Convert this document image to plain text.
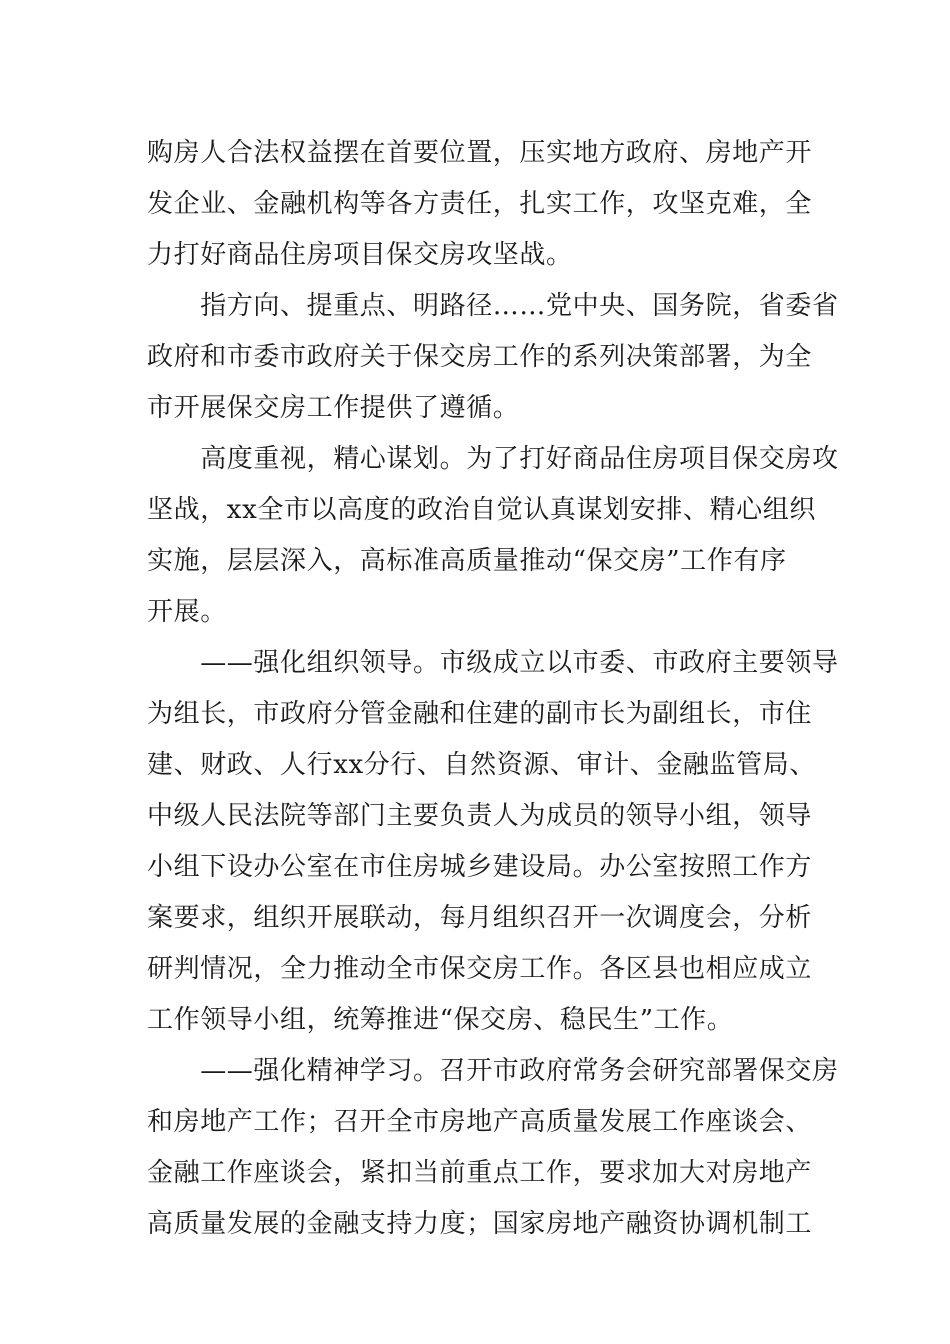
购房人合法权益摆在首要位置，压实地方政府、房地产开
发企业、金融机构等各方责任，扎实工作，攻坚克难，全
力打好商品住房项目保交房攻坚战。
　　指方向、提重点、明路径……党中央、国务院，省委省
政府和市委市政府关于保交房工作的系列决策部署，为全
市开展保交房工作提供了遵循。
　　高度重视，精心谋划。为了打好商品住房项目保交房攻
坚战，xx全市以高度的政治自觉认真谋划安排、精心组织
实施，层层深入，高标准高质量推动“保交房”工作有序
开展。
　　——强化组织领导。市级成立以市委、市政府主要领导
为组长，市政府分管金融和住建的副市长为副组长，市住
建、财政、人行xx分行、自然资源、审计、金融监管局、
中级人民法院等部门主要负责人为成员的领导小组，领导
小组下设办公室在市住房城乡建设局。办公室按照工作方
案要求，组织开展联动，每月组织召开一次调度会，分析
研判情况，全力推动全市保交房工作。各区县也相应成立
工作领导小组，统筹推进“保交房、稳民生”工作。
　　——强化精神学习。召开市政府常务会研究部署保交房
和房地产工作；召开全市房地产高质量发展工作座谈会、
金融工作座谈会，紧扣当前重点工作，要求加大对房地产
高质量发展的金融支持力度；国家房地产融资协调机制工
